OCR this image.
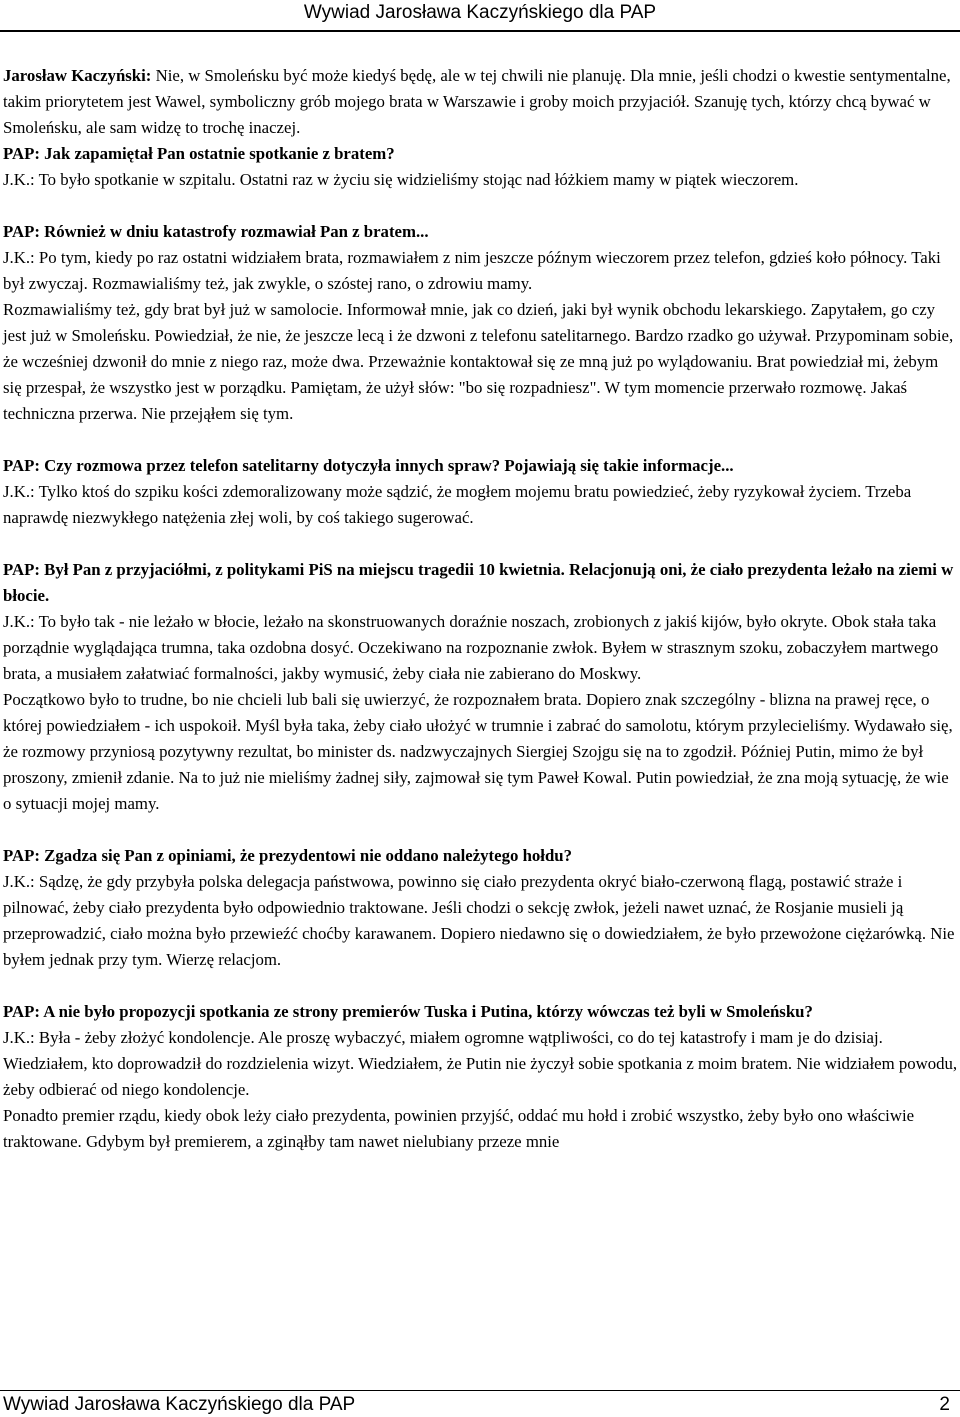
Wywiad Jarosława Kaczyńskiego dla PAP

Jarosław Kaczyński: Nie, w Smoleńsku być może kiedyś będę, ale w tej chwili nie planuję. Dla mnie, jeśli chodzi o kwestie sentymentalne, takim priorytetem jest Wawel, symboliczny grób mojego brata w Warszawie i groby moich przyjaciół. Szanuję tych, którzy chcą bywać w Smoleńsku, ale sam widzę to trochę inaczej.

PAP: Jak zapamiętał Pan ostatnie spotkanie z bratem?

J.K.: To było spotkanie w szpitalu. Ostatni raz w życiu się widzieliśmy stojąc nad łóżkiem mamy w piątek wieczorem.

PAP: Również w dniu katastrofy rozmawiał Pan z bratem...

J.K.: Po tym, kiedy po raz ostatni widziałem brata, rozmawiałem z nim jeszcze późnym wieczorem przez telefon, gdzieś koło północy. Taki był zwyczaj. Rozmawialiśmy też, jak zwykle, o szóstej rano, o zdrowiu mamy.

Rozmawialiśmy też, gdy brat był już w samolocie. Informował mnie, jak co dzień, jaki był wynik obchodu lekarskiego. Zapytałem, go czy jest już w Smoleńsku. Powiedział, że nie, że jeszcze lecą i że dzwoni z telefonu satelitarnego. Bardzo rzadko go używał. Przypominam sobie, że wcześniej dzwonił do mnie z niego raz, może dwa. Przeważnie kontaktował się ze mną już po wylądowaniu. Brat powiedział mi, żebym się przespał, że wszystko jest w porządku. Pamiętam, że użył słów: "bo się rozpadniesz". W tym momencie przerwało rozmowę. Jakaś techniczna przerwa. Nie przejąłem się tym.

PAP: Czy rozmowa przez telefon satelitarny dotyczyła innych spraw? Pojawiają się takie informacje...

J.K.: Tylko ktoś do szpiku kości zdemoralizowany może sądzić, że mogłem mojemu bratu powiedzieć, żeby ryzykował życiem. Trzeba naprawdę niezwykłego natężenia złej woli, by coś takiego sugerować.

PAP: Był Pan z przyjaciółmi, z politykami PiS na miejscu tragedii 10 kwietnia. Relacjonują oni, że ciało prezydenta leżało na ziemi w błocie.

J.K.: To było tak - nie leżało w błocie, leżało na skonstruowanych doraźnie noszach, zrobionych z jakiś kijów, było okryte. Obok stała taka porządnie wyglądająca trumna, taka ozdobna dosyć. Oczekiwano na rozpoznanie zwłok. Byłem w strasznym szoku, zobaczyłem martwego brata, a musiałem załatwiać formalności, jakby wymusić, żeby ciała nie zabierano do Moskwy.

Początkowo było to trudne, bo nie chcieli lub bali się uwierzyć, że rozpoznałem brata. Dopiero znak szczególny - blizna na prawej ręce, o której powiedziałem - ich uspokoił. Myśl była taka, żeby ciało ułożyć w trumnie i zabrać do samolotu, którym przylecieliśmy. Wydawało się, że rozmowy przyniosą pozytywny rezultat, bo minister ds. nadzwyczajnych Siergiej Szojgu się na to zgodził. Później Putin, mimo że był proszony, zmienił zdanie. Na to już nie mieliśmy żadnej siły, zajmował się tym Paweł Kowal. Putin powiedział, że zna moją sytuację, że wie o sytuacji mojej mamy.

PAP: Zgadza się Pan z opiniami, że prezydentowi nie oddano należytego hołdu?

J.K.: Sądzę, że gdy przybyła polska delegacja państwowa, powinno się ciało prezydenta okryć biało-czerwoną flagą, postawić straże i pilnować, żeby ciało prezydenta było odpowiednio traktowane. Jeśli chodzi o sekcję zwłok, jeżeli nawet uznać, że Rosjanie musieli ją przeprowadzić, ciało można było przewieźć choćby karawanem. Dopiero niedawno się o dowiedziałem, że było przewożone ciężarówką. Nie byłem jednak przy tym. Wierzę relacjom.

PAP: A nie było propozycji spotkania ze strony premierów Tuska i Putina, którzy wówczas też byli w Smoleńsku?

J.K.: Była - żeby złożyć kondolencje. Ale proszę wybaczyć, miałem ogromne wątpliwości, co do tej katastrofy i mam je do dzisiaj. Wiedziałem, kto doprowadził do rozdzielenia wizyt. Wiedziałem, że Putin nie życzył sobie spotkania z moim bratem. Nie widziałem powodu, żeby odbierać od niego kondolencje.

Ponadto premier rządu, kiedy obok leży ciało prezydenta, powinien przyjść, oddać mu hołd i zrobić wszystko, żeby było ono właściwie traktowane. Gdybym był premierem, a zginąłby tam nawet nielubiany przeze mnie

Wywiad Jarosława Kaczyńskiego dla PAP	2
